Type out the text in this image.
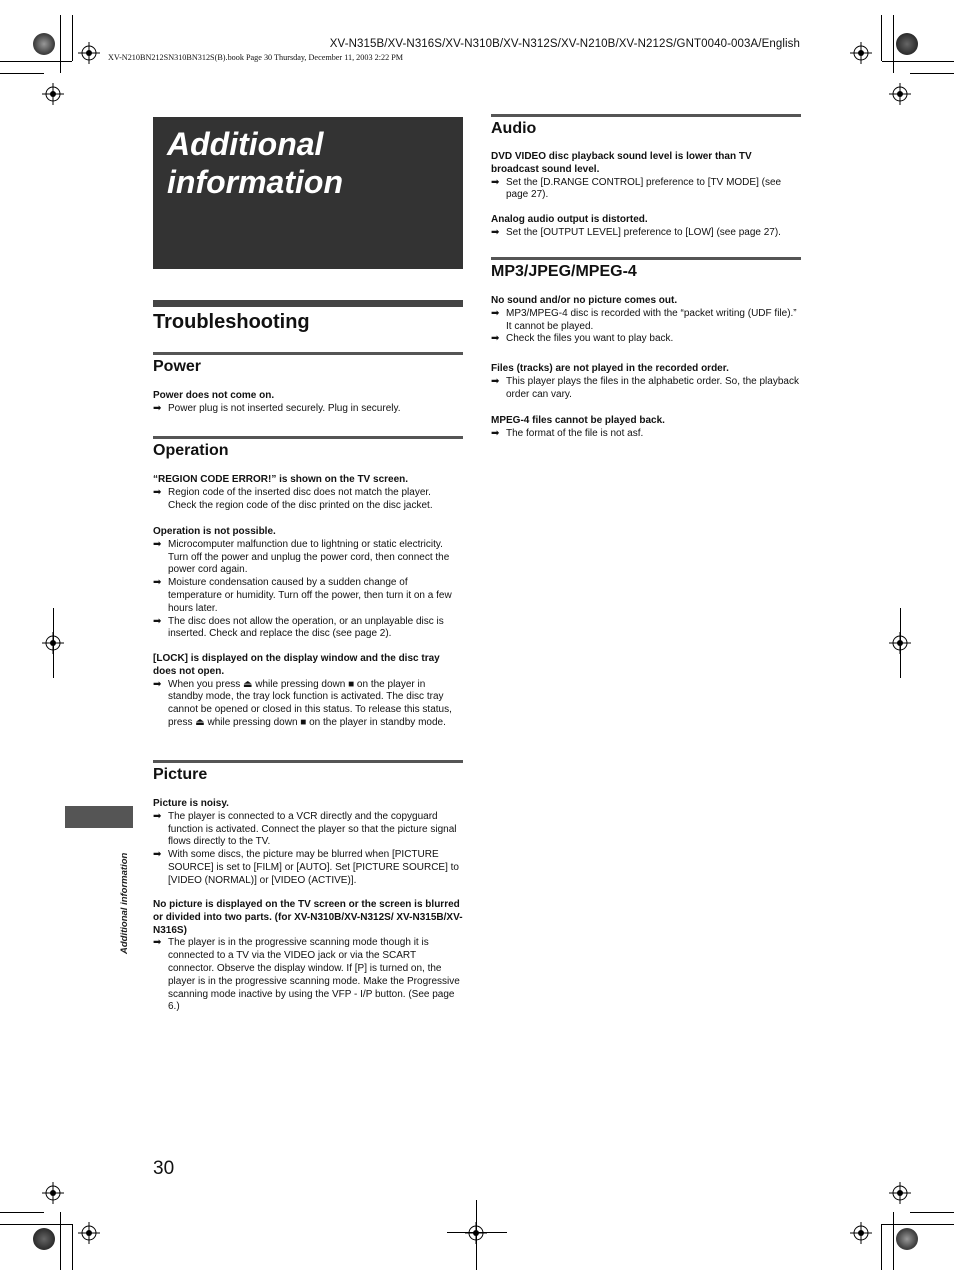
XV-N315B/XV-N316S/XV-N310B/XV-N312S/XV-N210B/XV-N212S/GNT0040-003A/English
XV-N210BN212SN310BN312S(B).book Page 30 Thursday, December 11, 2003 2:22 PM
Additional
information
Troubleshooting
Power
Power does not come on.
➡ Power plug is not inserted securely. Plug in securely.
Operation
“REGION CODE ERROR!” is shown on the TV screen.
➡ Region code of the inserted disc does not match the player.
Check the region code of the disc printed on the disc jacket.
Operation is not possible.
➡ Microcomputer malfunction due to lightning or static electricity. Turn off the power and unplug the power cord, then connect the power cord again.
➡ Moisture condensation caused by a sudden change of temperature or humidity. Turn off the power, then turn it on a few hours later.
➡ The disc does not allow the operation, or an unplayable disc is inserted. Check and replace the disc (see page 2).
[LOCK] is displayed on the display window and the disc tray does not open.
➡ When you press ⏏ while pressing down ■ on the player in standby mode, the tray lock function is activated. The disc tray cannot be opened or closed in this status. To release this status, press ⏏ while pressing down ■ on the player in standby mode.
Picture
Picture is noisy.
➡ The player is connected to a VCR directly and the copyguard function is activated. Connect the player so that the picture signal flows directly to the TV.
➡ With some discs, the picture may be blurred when [PICTURE SOURCE] is set to [FILM] or [AUTO]. Set [PICTURE SOURCE] to [VIDEO (NORMAL)] or [VIDEO (ACTIVE)].
No picture is displayed on the TV screen or the screen is blurred or divided into two parts. (for XV-N310B/XV-N312S/ XV-N315B/XV-N316S)
➡ The player is in the progressive scanning mode though it is connected to a TV via the VIDEO jack or via the SCART connector. Observe the display window. If [P] is turned on, the player is in the progressive scanning mode. Make the Progressive scanning mode inactive by using the VFP - I/P button. (See page 6.)
Audio
DVD VIDEO disc playback sound level is lower than TV broadcast sound level.
➡ Set the [D.RANGE CONTROL] preference to [TV MODE] (see page 27).
Analog audio output is distorted.
➡ Set the [OUTPUT LEVEL] preference to [LOW] (see page 27).
MP3/JPEG/MPEG-4
No sound and/or no picture comes out.
➡ MP3/MPEG-4 disc is recorded with the “packet writing (UDF file).” It cannot be played.
➡ Check the files you want to play back.
Files (tracks) are not played in the recorded order.
➡ This player plays the files in the alphabetic order. So, the playback order can vary.
MPEG-4 files cannot be played back.
➡ The format of the file is not asf.
Additional information
30
